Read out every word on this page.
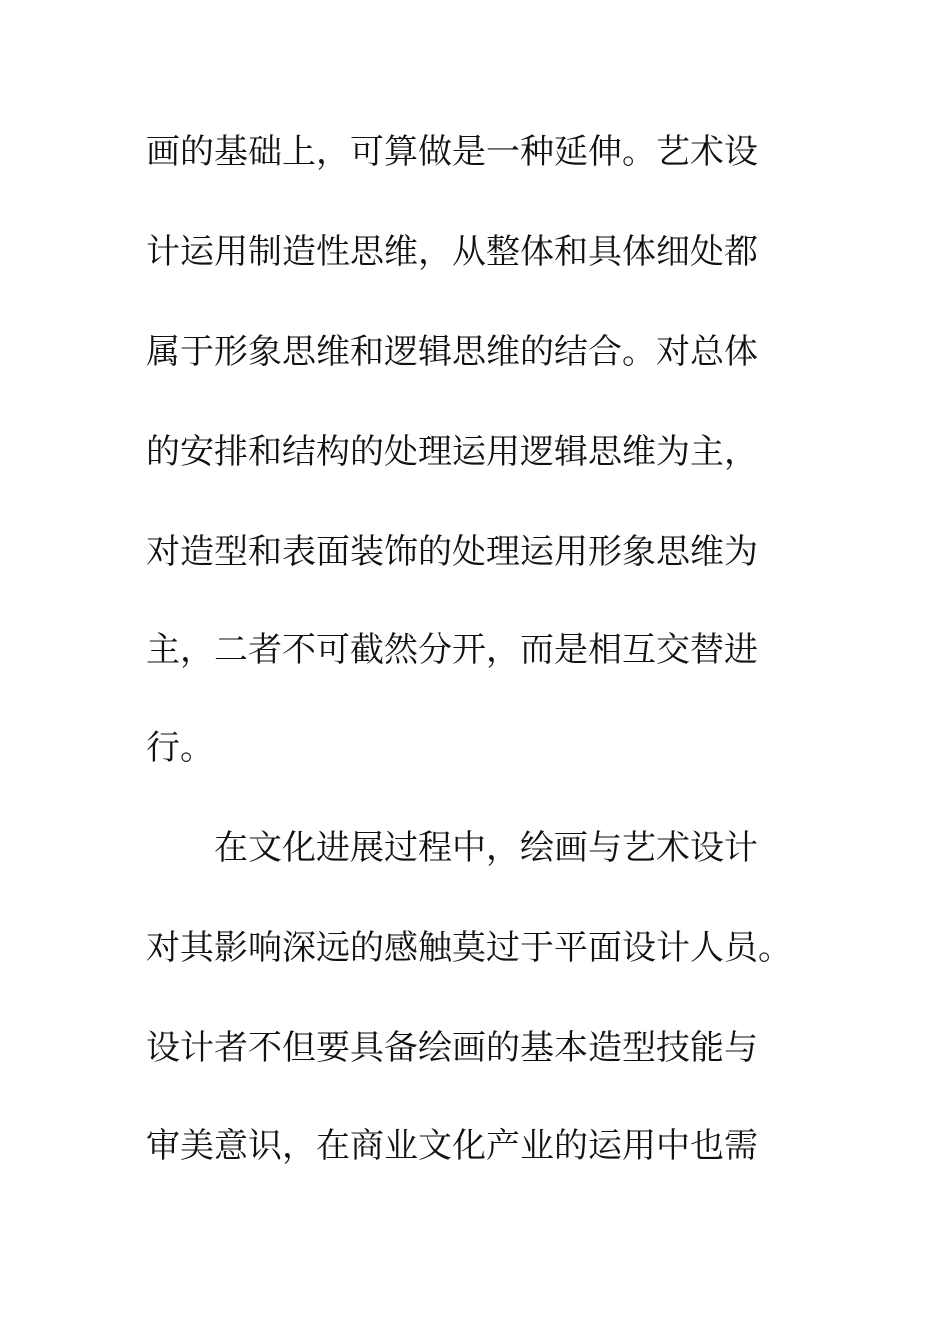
画的基础上，可算做是一种延伸。艺术设
计运用制造性思维，从整体和具体细处都
属于形象思维和逻辑思维的结合。对总体
的安排和结构的处理运用逻辑思维为主，
对造型和表面装饰的处理运用形象思维为
主，二者不可截然分开，而是相互交替进
行。
在文化进展过程中，绘画与艺术设计
对其影响深远的感触莫过于平面设计人员。
设计者不但要具备绘画的基本造型技能与
审美意识，在商业文化产业的运用中也需
